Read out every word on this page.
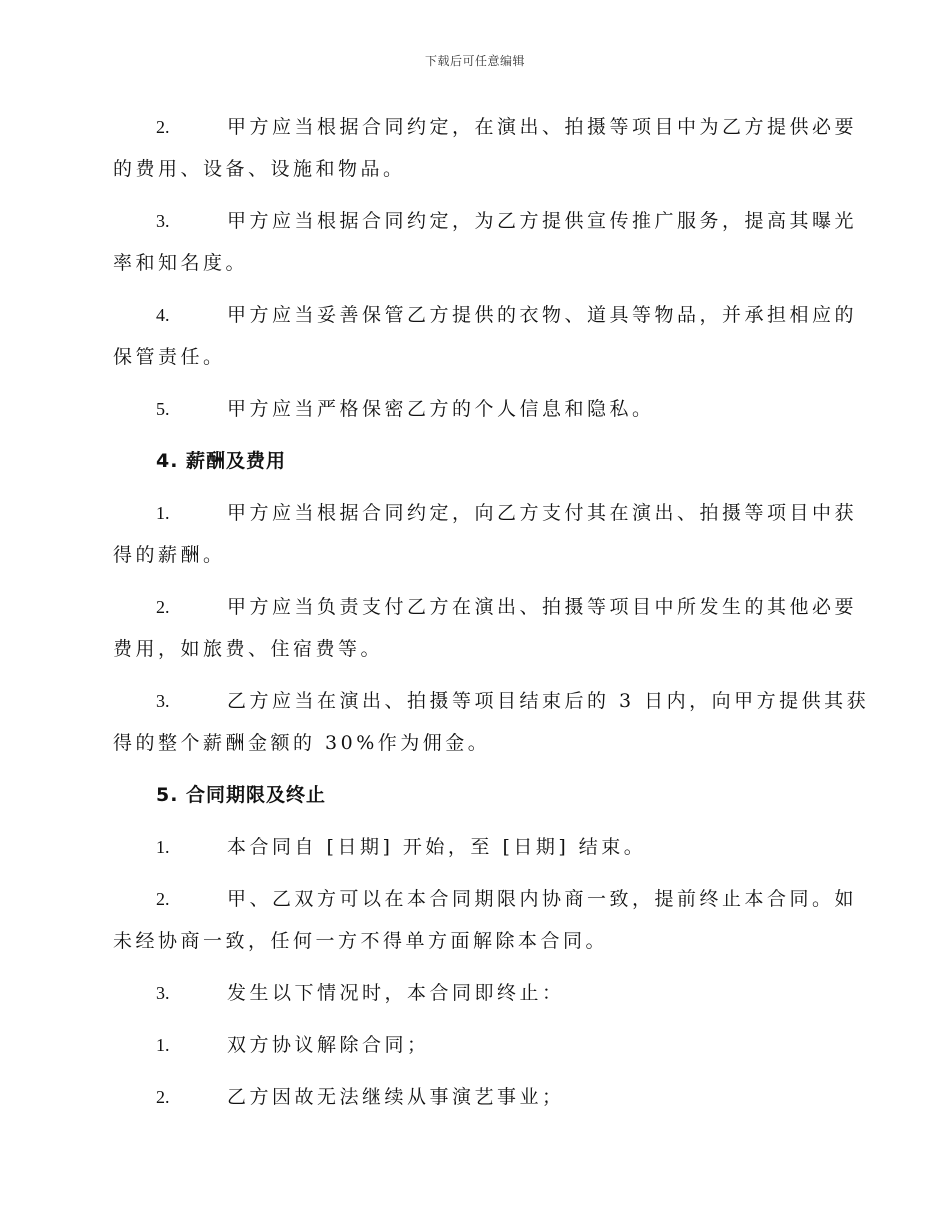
下载后可任意编辑
2.	甲方应当根据合同约定，在演出、拍摄等项目中为乙方提供必要
的费用、设备、设施和物品。
3.	甲方应当根据合同约定，为乙方提供宣传推广服务，提高其曝光
率和知名度。
4.	甲方应当妥善保管乙方提供的衣物、道具等物品，并承担相应的
保管责任。
5.	甲方应当严格保密乙方的个人信息和隐私。
4. 薪酬及费用
1.	甲方应当根据合同约定，向乙方支付其在演出、拍摄等项目中获
得的薪酬。
2.	甲方应当负责支付乙方在演出、拍摄等项目中所发生的其他必要
费用，如旅费、住宿费等。
3.	乙方应当在演出、拍摄等项目结束后的 3 日内，向甲方提供其获
得的整个薪酬金额的 30%作为佣金。
5. 合同期限及终止
1.	本合同自 [日期] 开始，至 [日期] 结束。
2.	甲、乙双方可以在本合同期限内协商一致，提前终止本合同。如
未经协商一致，任何一方不得单方面解除本合同。
3.	发生以下情况时，本合同即终止：
1.	双方协议解除合同；
2.	乙方因故无法继续从事演艺事业；
